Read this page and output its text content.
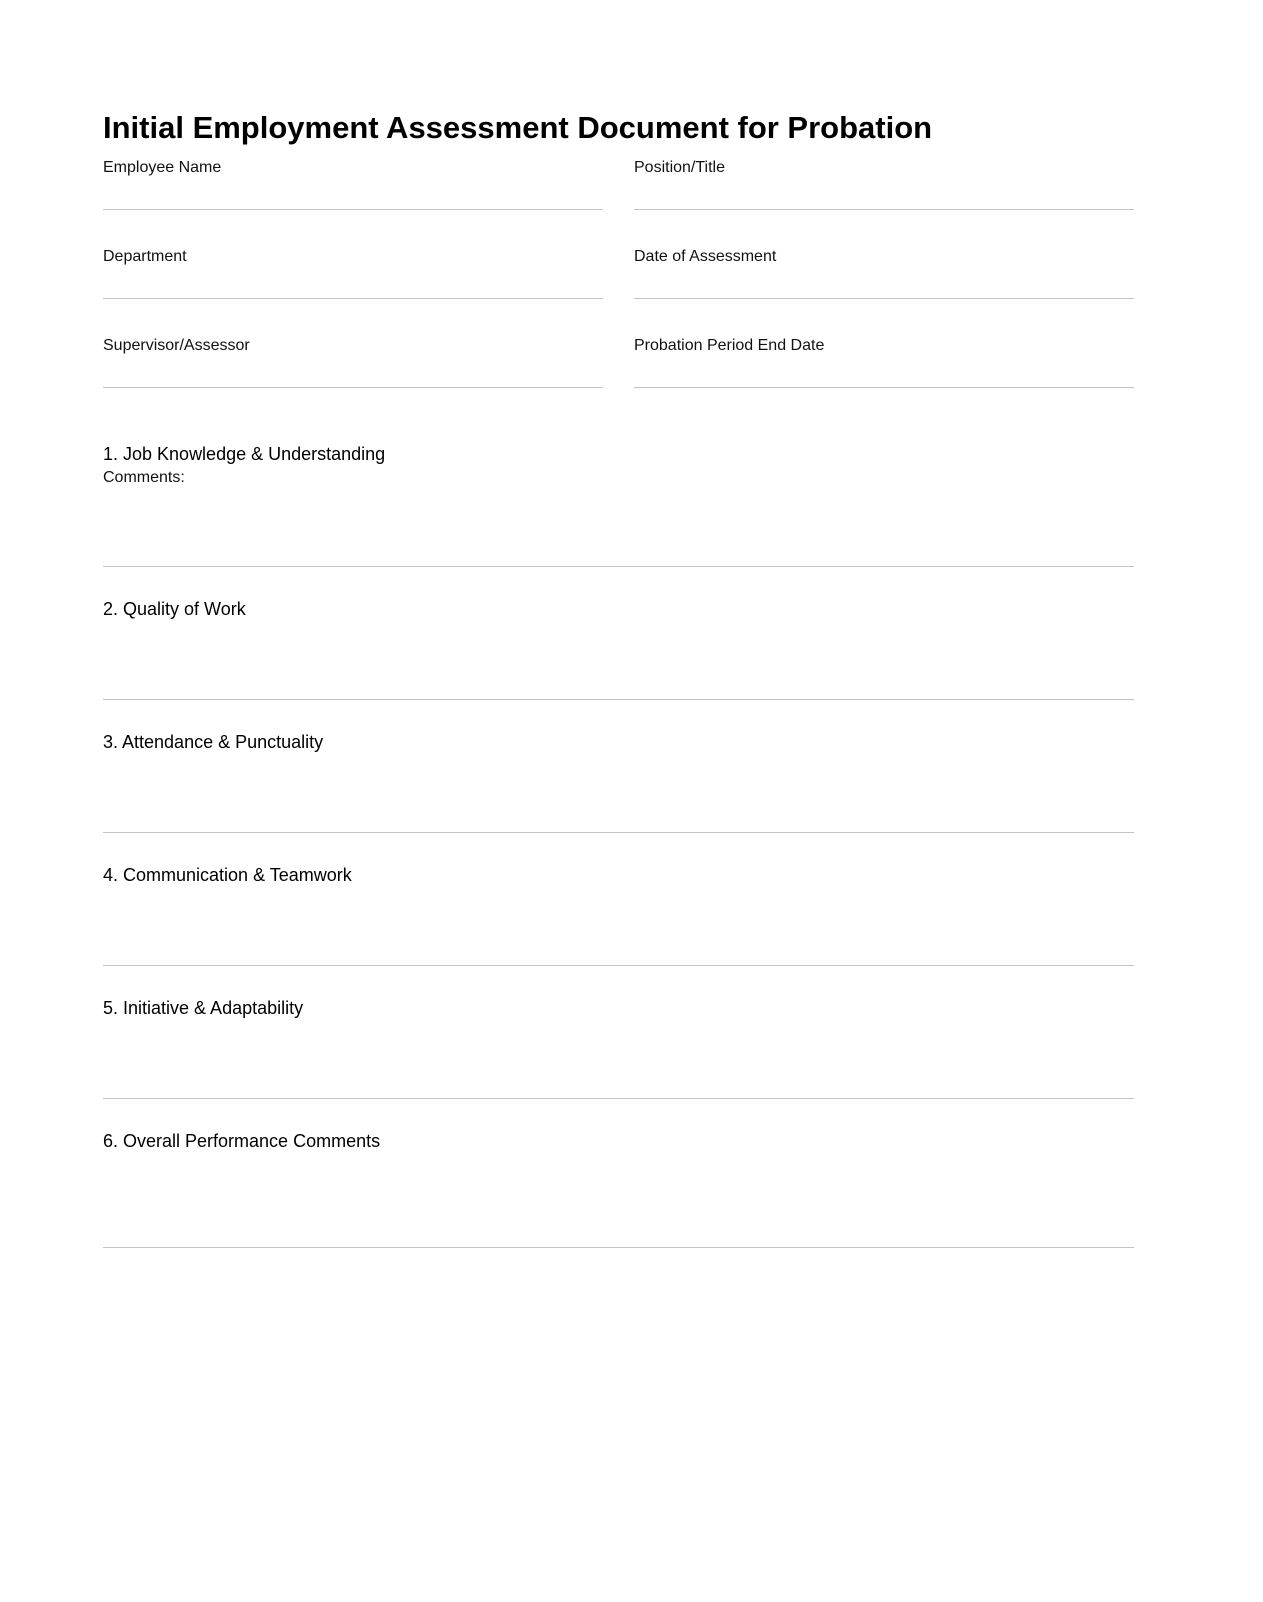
Initial Employment Assessment Document for Probation
Employee Name	Position/Title
Department	Date of Assessment
Supervisor/Assessor	Probation Period End Date
1. Job Knowledge & Understanding
Comments:
2. Quality of Work
3. Attendance & Punctuality
4. Communication & Teamwork
5. Initiative & Adaptability
6. Overall Performance Comments
